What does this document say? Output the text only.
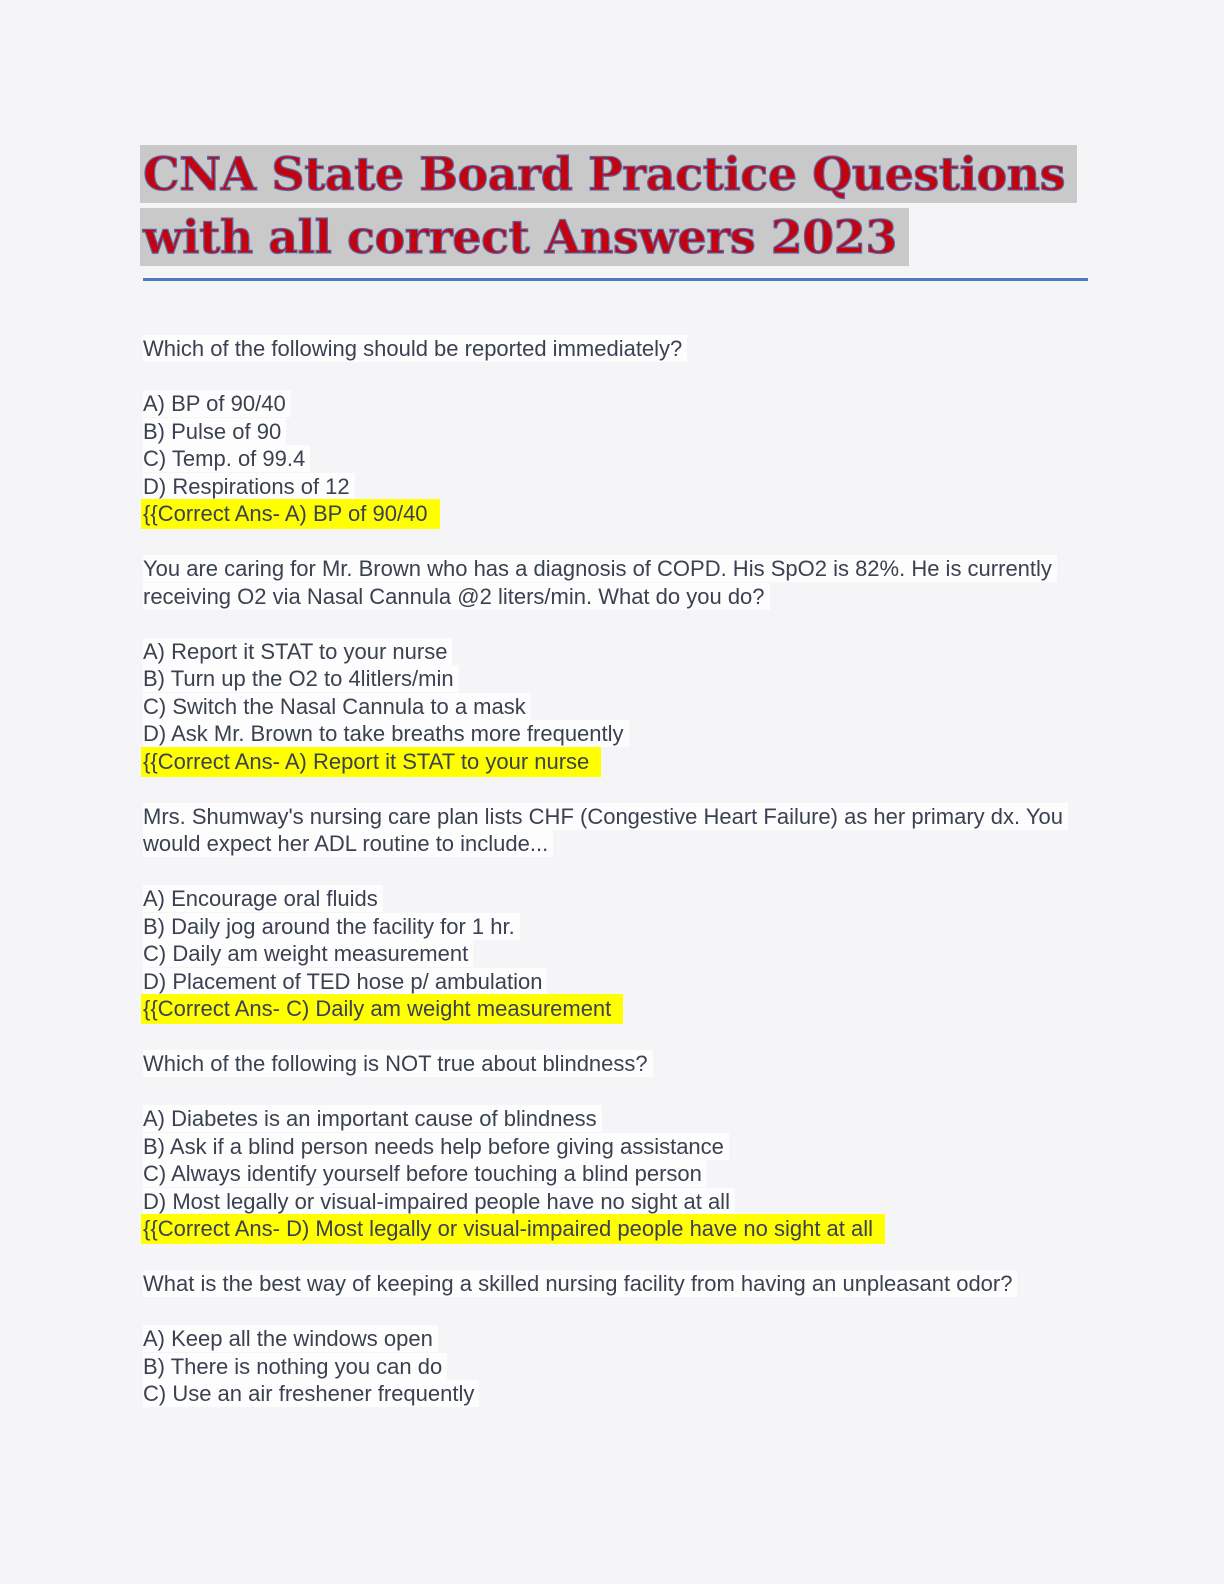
CNA State Board Practice Questions
with all correct Answers 2023

Which of the following should be reported immediately?

A) BP of 90/40
B) Pulse of 90
C) Temp. of 99.4
D) Respirations of 12
{{Correct Ans- A) BP of 90/40

You are caring for Mr. Brown who has a diagnosis of COPD. His SpO2 is 82%. He is currently receiving O2 via Nasal Cannula @2 liters/min. What do you do?

A) Report it STAT to your nurse
B) Turn up the O2 to 4litlers/min
C) Switch the Nasal Cannula to a mask
D) Ask Mr. Brown to take breaths more frequently
{{Correct Ans- A) Report it STAT to your nurse

Mrs. Shumway's nursing care plan lists CHF (Congestive Heart Failure) as her primary dx. You would expect her ADL routine to include...

A) Encourage oral fluids
B) Daily jog around the facility for 1 hr.
C) Daily am weight measurement
D) Placement of TED hose p/ ambulation
{{Correct Ans- C) Daily am weight measurement

Which of the following is NOT true about blindness?

A) Diabetes is an important cause of blindness
B) Ask if a blind person needs help before giving assistance
C) Always identify yourself before touching a blind person
D) Most legally or visual-impaired people have no sight at all
{{Correct Ans- D) Most legally or visual-impaired people have no sight at all

What is the best way of keeping a skilled nursing facility from having an unpleasant odor?

A) Keep all the windows open
B) There is nothing you can do
C) Use an air freshener frequently
